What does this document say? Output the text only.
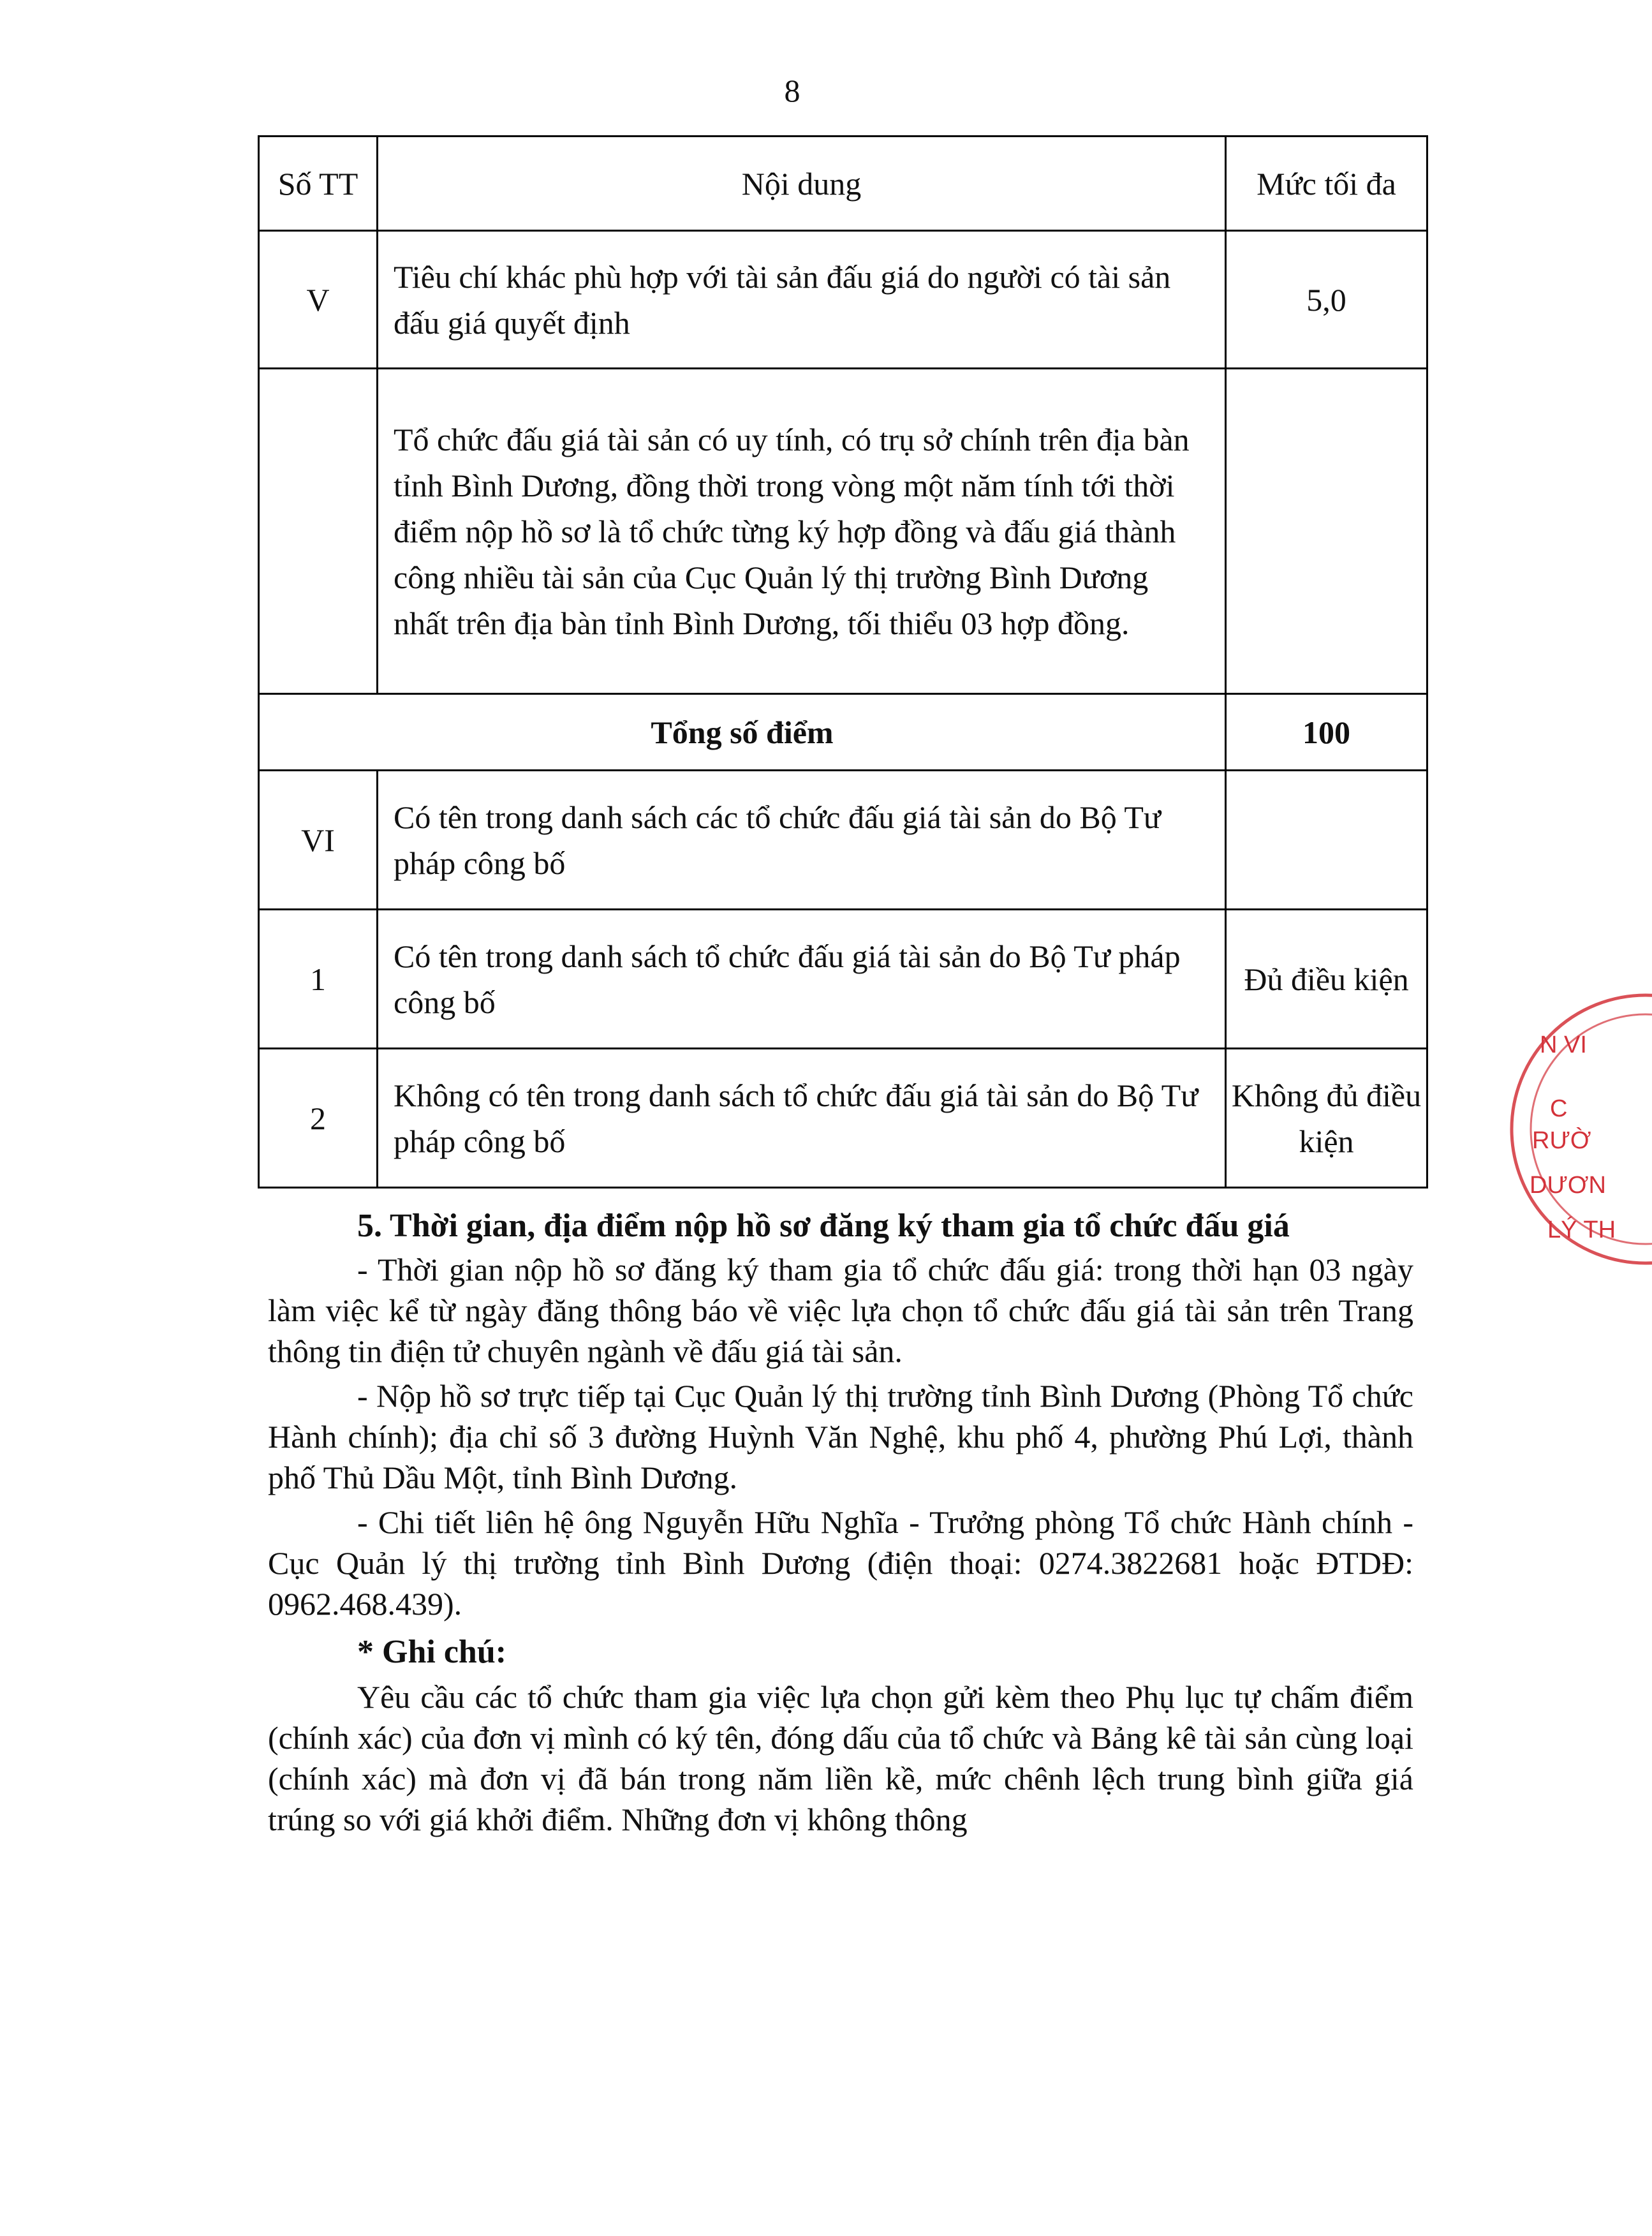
8
Số TT	Nội dung	Mức tối đa
V	Tiêu chí khác phù hợp với tài sản đấu giá do người có tài sản đấu giá quyết định	5,0
	Tổ chức đấu giá tài sản có uy tính, có trụ sở chính trên địa bàn tỉnh Bình Dương, đồng thời trong vòng một năm tính tới thời điểm nộp hồ sơ là tổ chức từng ký hợp đồng và đấu giá thành công nhiều tài sản của Cục Quản lý thị trường Bình Dương nhất trên địa bàn tỉnh Bình Dương, tối thiểu 03 hợp đồng.	
Tổng số điểm		100
VI	Có tên trong danh sách các tổ chức đấu giá tài sản do Bộ Tư pháp công bố	
1	Có tên trong danh sách tổ chức đấu giá tài sản do Bộ Tư pháp công bố	Đủ điều kiện
2	Không có tên trong danh sách tổ chức đấu giá tài sản do Bộ Tư pháp công bố	Không đủ điều kiện
5. Thời gian, địa điểm nộp hồ sơ đăng ký tham gia tổ chức đấu giá

- Thời gian nộp hồ sơ đăng ký tham gia tổ chức đấu giá: trong thời hạn 03 ngày làm việc kể từ ngày đăng thông báo về việc lựa chọn tổ chức đấu giá tài sản trên Trang thông tin điện tử chuyên ngành về đấu giá tài sản.

- Nộp hồ sơ trực tiếp tại Cục Quản lý thị trường tỉnh Bình Dương (Phòng Tổ chức Hành chính); địa chỉ số 3 đường Huỳnh Văn Nghệ, khu phố 4, phường Phú Lợi, thành phố Thủ Dầu Một, tỉnh Bình Dương.

- Chi tiết liên hệ ông Nguyễn Hữu Nghĩa - Trưởng phòng Tổ chức Hành chính - Cục Quản lý thị trường tỉnh Bình Dương (điện thoại: 0274.3822681 hoặc ĐTDĐ: 0962.468.439).

* Ghi chú:

Yêu cầu các tổ chức tham gia việc lựa chọn gửi kèm theo Phụ lục tự chấm điểm (chính xác) của đơn vị mình có ký tên, đóng dấu của tổ chức và Bảng kê tài sản cùng loại (chính xác) mà đơn vị đã bán trong năm liền kề, mức chênh lệch trung bình giữa giá trúng so với giá khởi điểm. Những đơn vị không thông

N VI
C
RƯỜ
DƯƠN
LÝ TH
